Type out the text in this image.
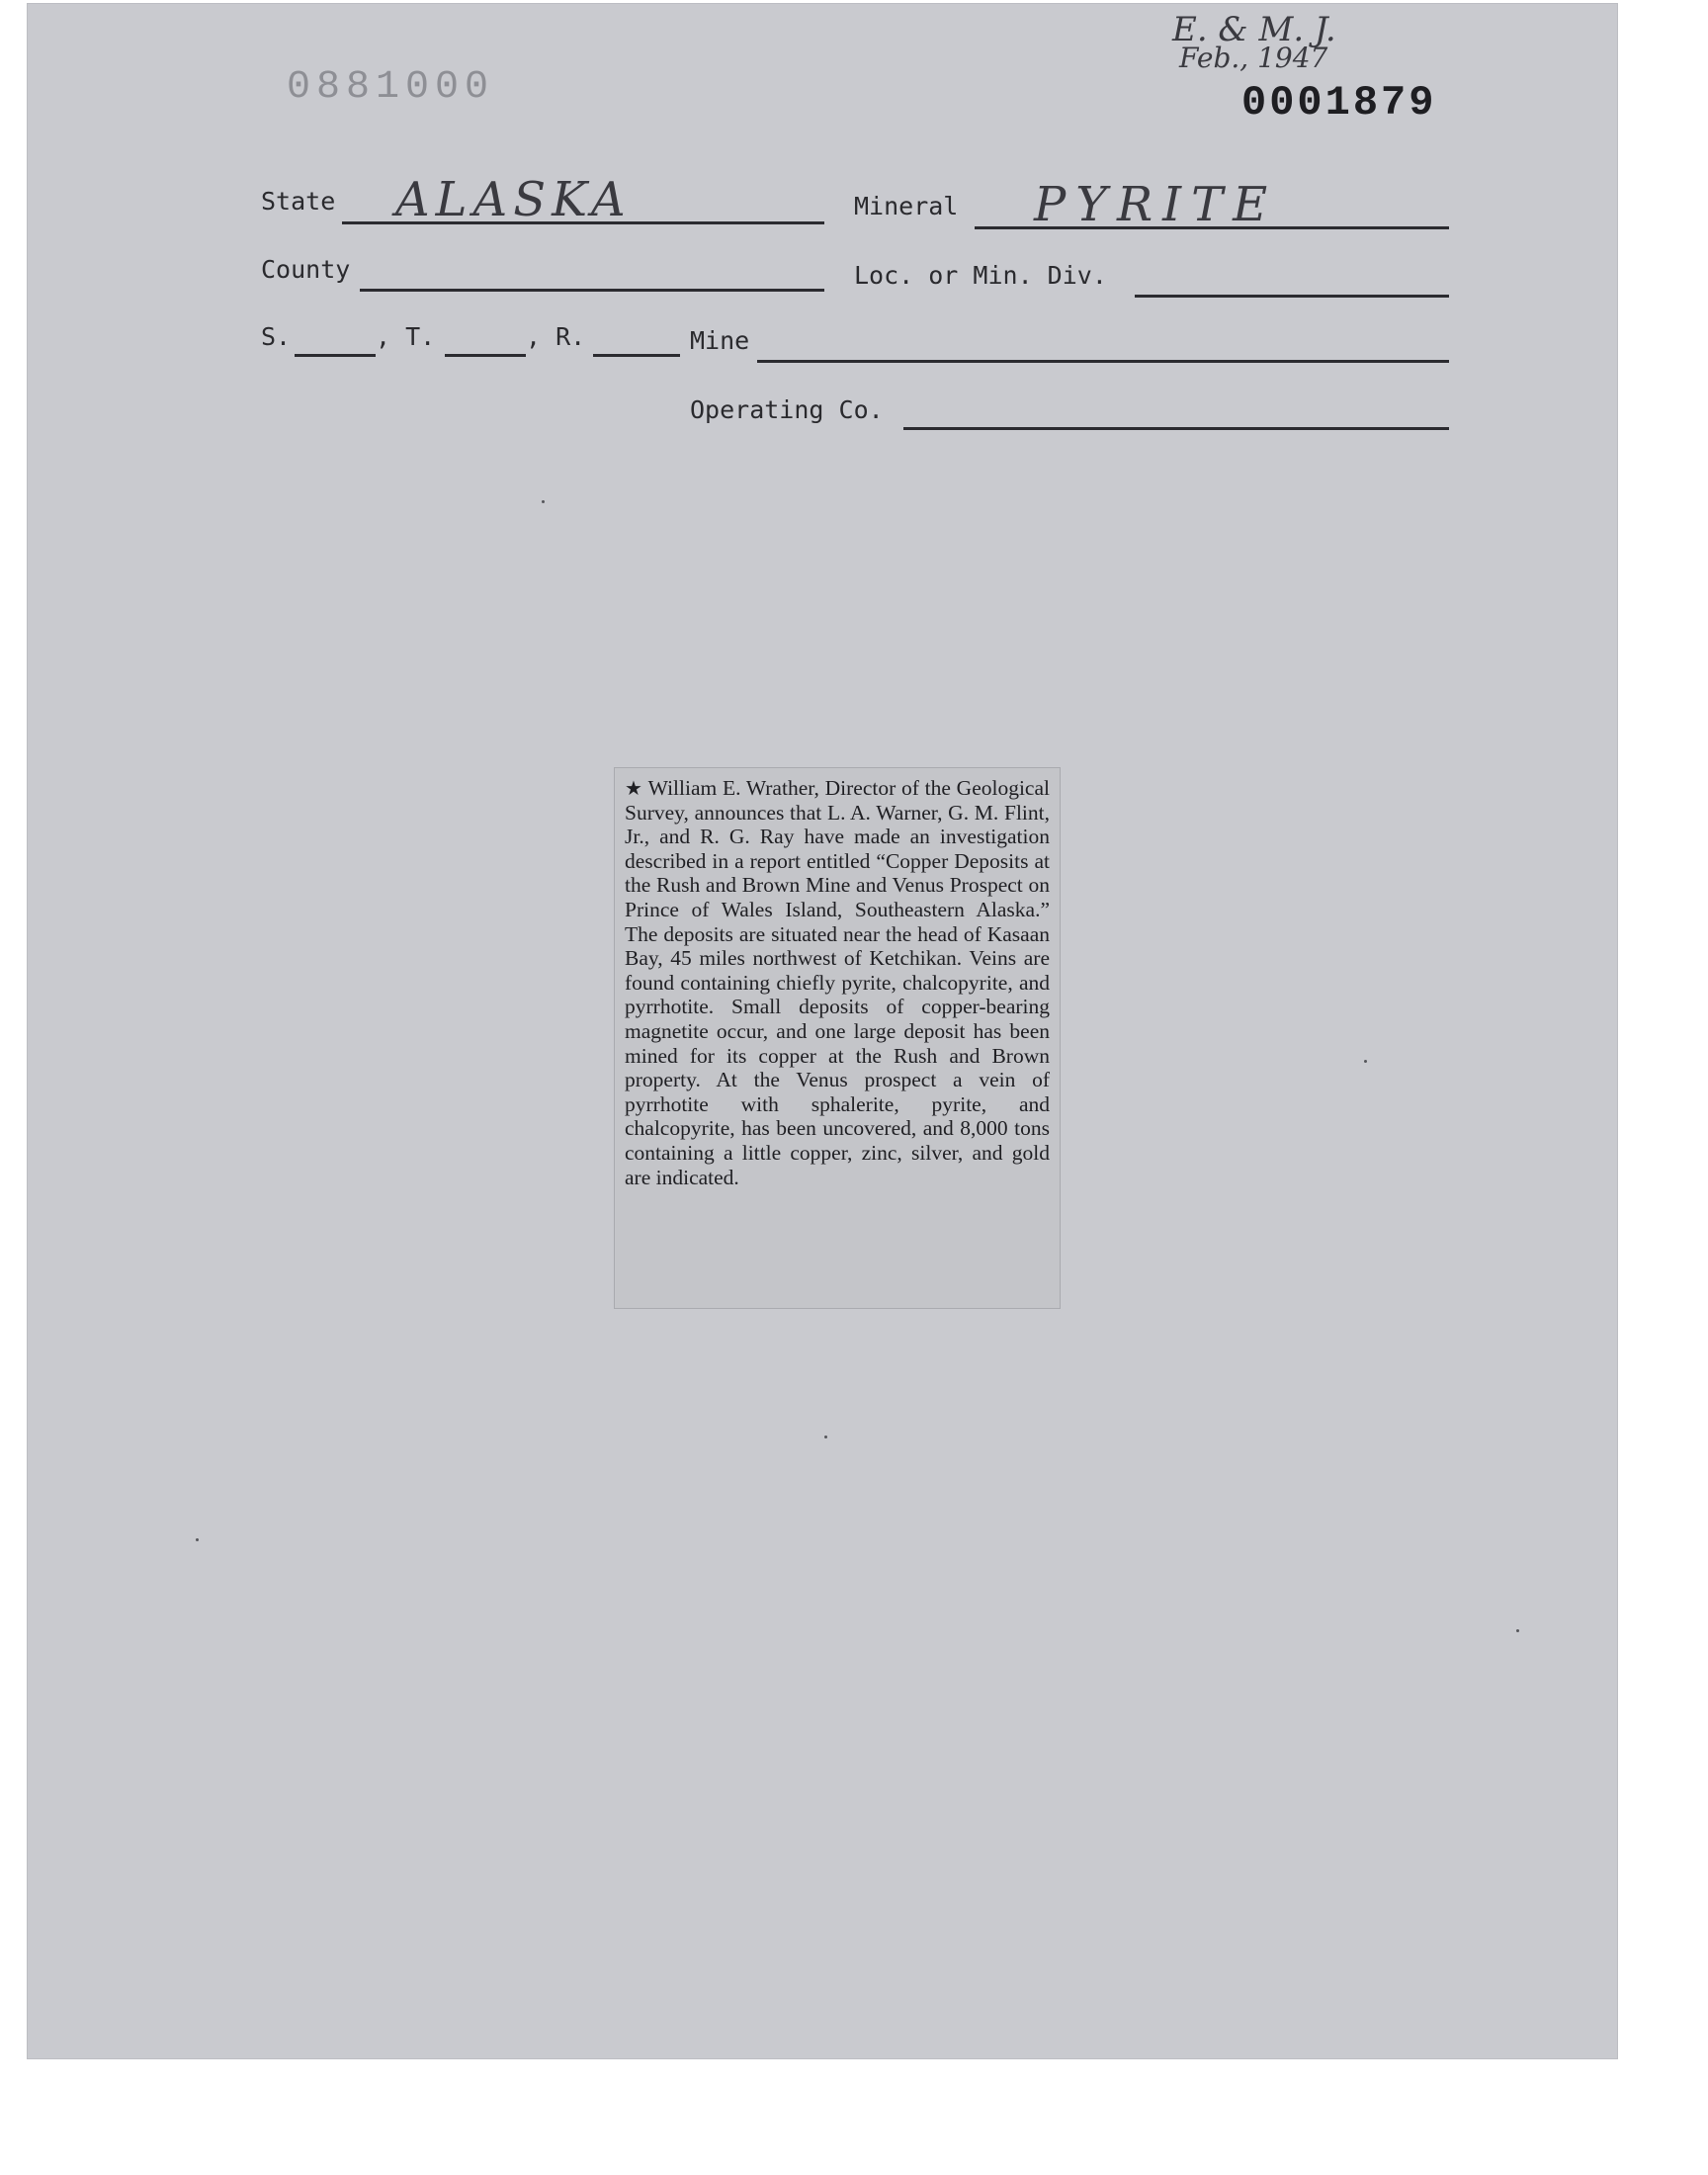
0881000
E. & M. J.
Feb., 1947
0001879
State ALASKA	Mineral PYRITE
County	Loc. or Min. Div.
S.	, T.	, R.	Mine
Operating Co.

★ William E. Wrather, Director of the Geological Survey, announces that L. A. Warner, G. M. Flint, Jr., and R. G. Ray have made an investigation described in a report entitled “Copper Deposits at the Rush and Brown Mine and Venus Prospect on Prince of Wales Island, Southeastern Alaska.” The deposits are situated near the head of Kasaan Bay, 45 miles northwest of Ketchikan. Veins are found containing chiefly pyrite, chalcopyrite, and pyrrhotite. Small deposits of copper-bearing magnetite occur, and one large deposit has been mined for its copper at the Rush and Brown property. At the Venus prospect a vein of pyrrhotite with sphalerite, pyrite, and chalcopyrite, has been uncovered, and 8,000 tons containing a little copper, zinc, silver, and gold are indicated.
